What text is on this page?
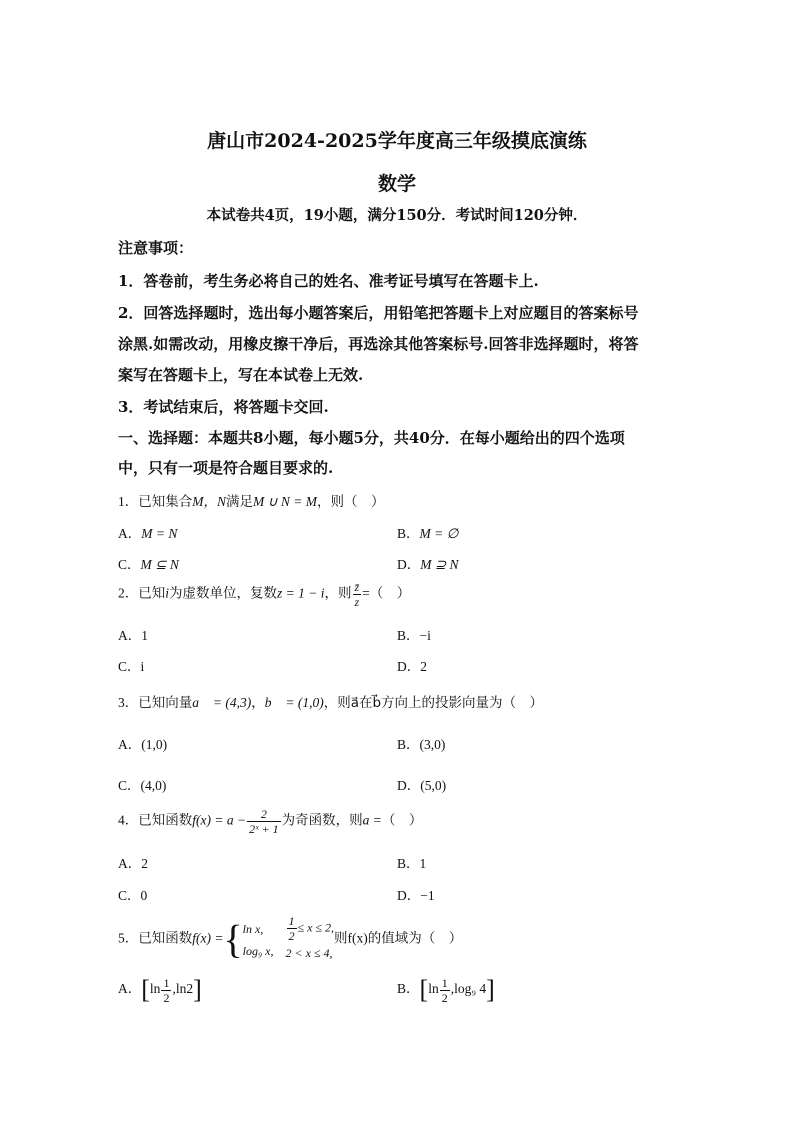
唐山市2024-2025学年度高三年级摸底演练
数学
本试卷共4页，19小题，满分150分．考试时间120分钟．
注意事项：
1．答卷前，考生务必将自己的姓名、准考证号填写在答题卡上.
2．回答选择题时，选出每小题答案后，用铅笔把答题卡上对应题目的答案标号
涂黑.如需改动，用橡皮擦干净后，再选涂其他答案标号.回答非选择题时，将答
案写在答题卡上，写在本试卷上无效.
3．考试结束后，将答题卡交回.
一、选择题：本题共8小题，每小题5分，共40分．在每小题给出的四个选项
中，只有一项是符合题目要求的.
1．已知集合M，N满足M ∪ N = M，则（　）
A．M = N	B．M = ∅
C．M ⊆ N	D．M ⊇ N
2．已知i为虚数单位，复数z = 1 − i，则 $\frac{z̄}{z}$ =（　）
A．1	B．−i
C．i	D．2
3．已知向量a⃗ = (4,3)，b⃗ = (1,0)，则a⃗在b⃗方向上的投影向量为（　）
A．(1,0)	B．(3,0)
C．(4,0)	D．(5,0)
4．已知函数$f(x) = a - \frac{2}{\text{2ˣ + 1}}$ 为奇函数，则a =（　）
A．2	B．1
C．0	D．−1
5．已知函数f(x) ={ln x,
log₉ x,
$\frac{1}{2} \le x \le 2$,
2 < x ≤ 4,则f(x)的值域为（　）
A．$[\ln \frac{1}{2} ,\ln 2]$	B．[$\ln \frac{1}{2} ,\log_9$ 4]
